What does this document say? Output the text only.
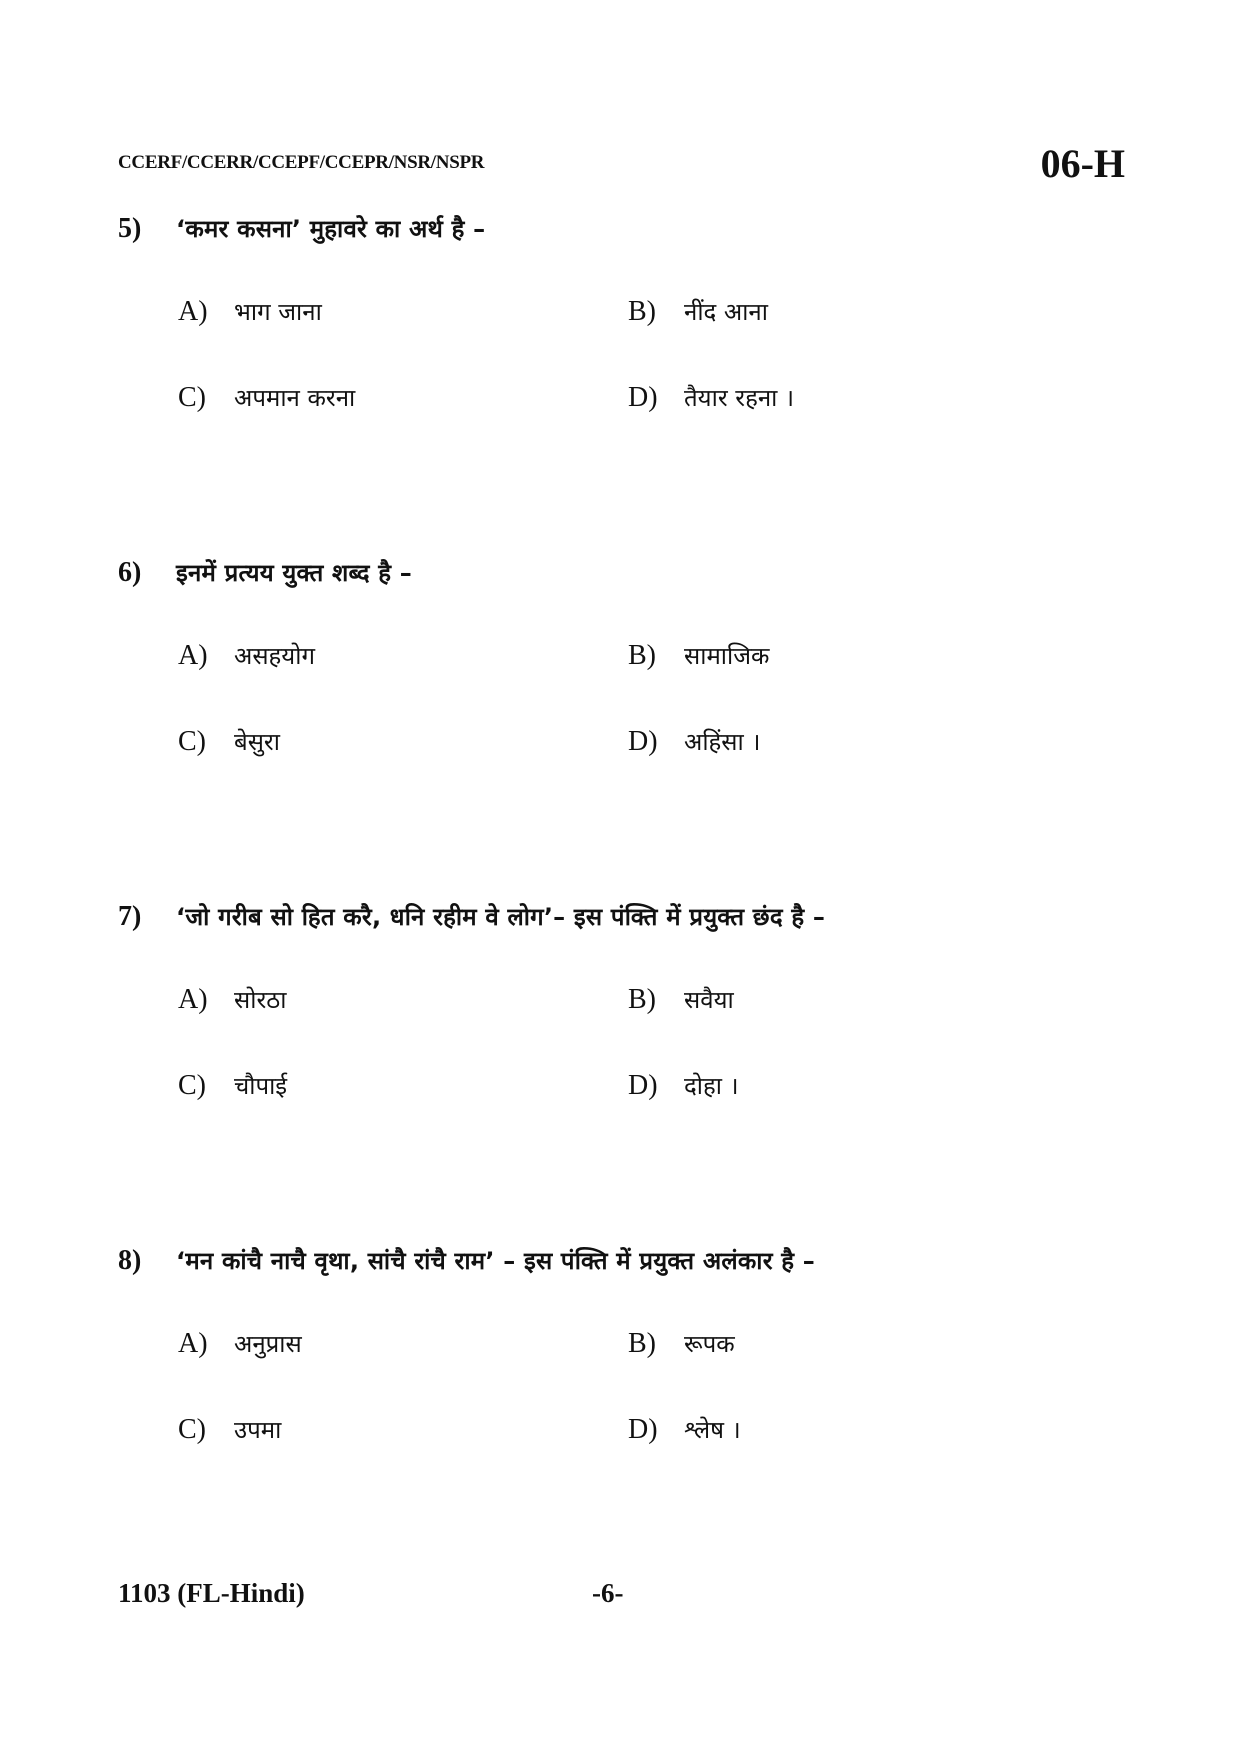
CCERF/CCERR/CCEPF/CCEPR/NSR/NSPR	06-H
5)	‘कमर कसना’ मुहावरे का अर्थ है –
A)	भाग जाना	B)	नींद आना
C)	अपमान करना	D)	तैयार रहना ।
6)	इनमें प्रत्यय युक्त शब्द है –
A)	असहयोग	B)	सामाजिक
C)	बेसुरा	D)	अहिंसा ।
7)	‘जो गरीब सो हित करै, धनि रहीम वे लोग’– इस पंक्ति में प्रयुक्त छंद है –
A)	सोरठा	B)	सवैया
C)	चौपाई	D)	दोहा ।
8)	‘मन कांचै नाचै वृथा, सांचै रांचै राम’ – इस पंक्ति में प्रयुक्त अलंकार है –
A)	अनुप्रास	B)	रूपक
C)	उपमा	D)	श्लेष ।
1103 (FL-Hindi)	-6-
